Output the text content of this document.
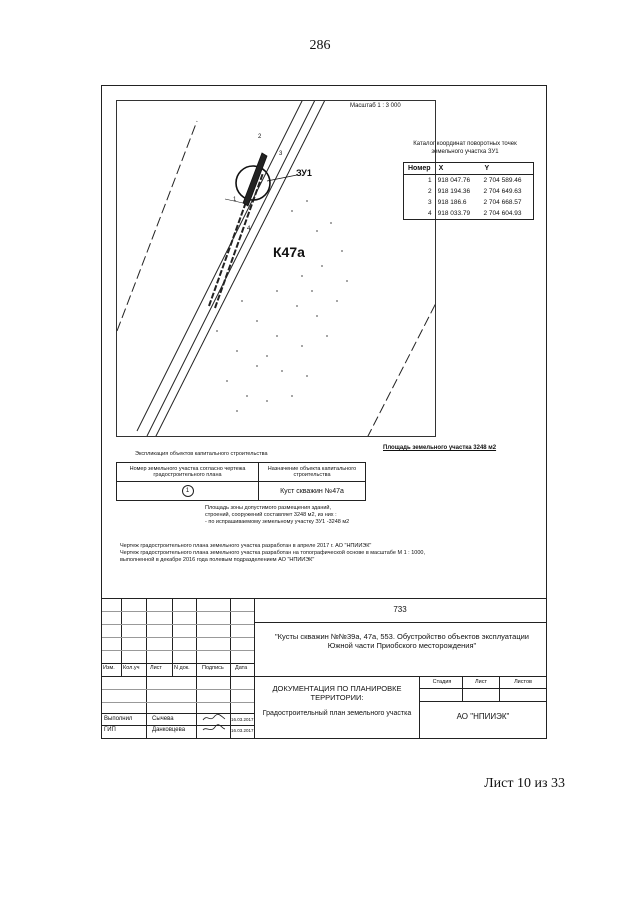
286
2
3
1
4
Масштаб 1 : 3 000
ЗУ1
К47а
Каталог координат поворотных точек земельного участка ЗУ1
Номер	X	Y
1	918 047.76	2 704 589.46
2	918 194.36	2 704 649.63
3	918 186.6	2 704 668.57
4	918 033.79	2 704 604.93
Площадь земельного участка 3248 м2
Экспликация объектов капитального строительства
Номер земельного участка согласно чертежа градостроительного плана	Назначение объекта капитального строительства
1	Куст скважин №47а
Площадь зоны допустимого размещения зданий,
строений, сооружений составляет 3248 м2, из них :
- по испрашиваемому земельному участку ЗУ1 -3248 м2
Чертеж градостроительного плана земельного участка разработан в апреле 2017 г. АО "НПИИЭК"
Чертеж градостроительного плана земельного участка разработан на топографической основе в масштабе М 1 : 1000,
выполненной в декабре 2016 года полевым подразделением АО "НПИИЭК"
733
"Кусты скважин №№39а, 47а, 553. Обустройство объектов эксплуатации Южной части Приобского месторождения"
Изм. Кол.уч Лист N док. Подпись Дата
ДОКУМЕНТАЦИЯ ПО ПЛАНИРОВКЕ ТЕРРИТОРИИ:
Градостроительный план земельного участка
Стадия	Лист	Листов
АО "НПИИЭК"
Выполнил	Сычева	16.03.2017
ГИП	Данковцева	16.03.2017
Лист 10 из 33
